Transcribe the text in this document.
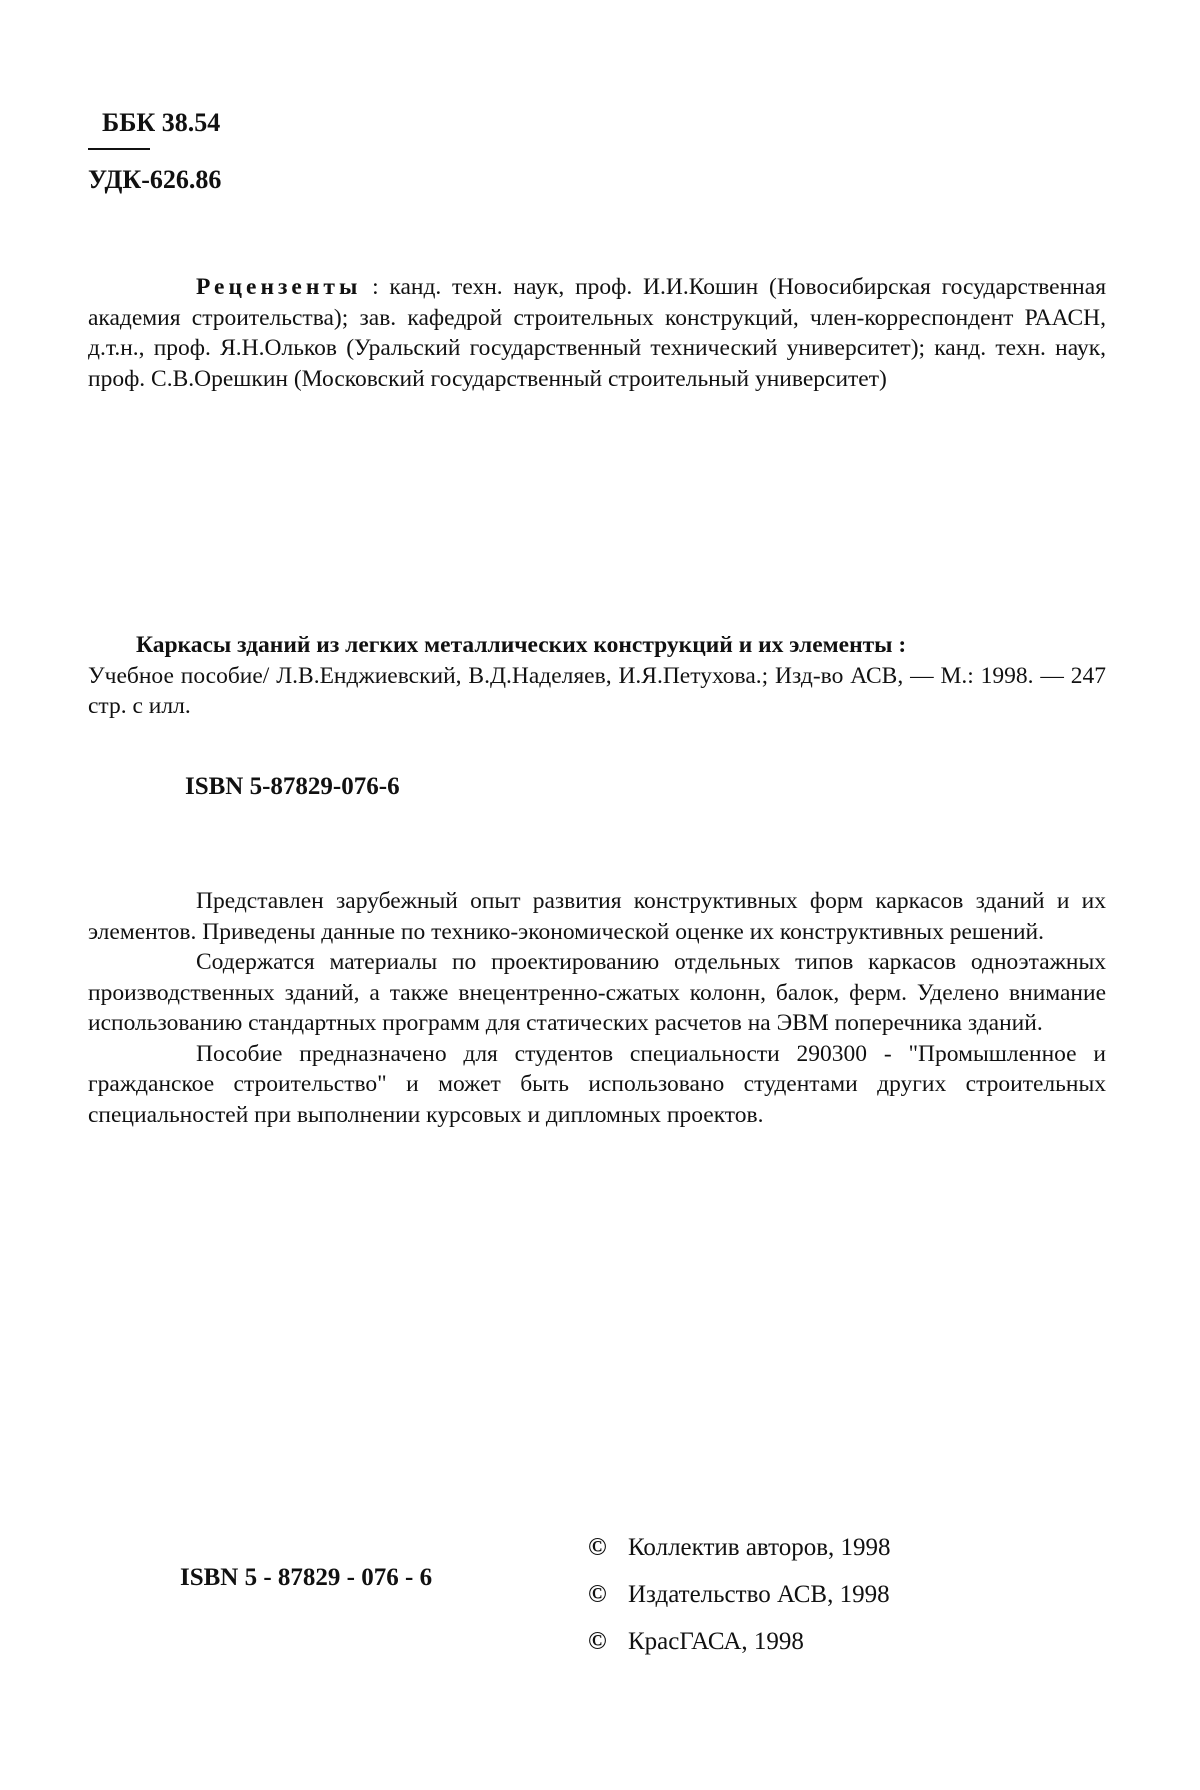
ББК 38.54
УДК-626.86
Рецензенты : канд. техн. наук, проф. И.И.Кошин (Новосибирская государственная академия строительства); зав. кафедрой строительных конструкций, член-корреспондент РААСН, д.т.н., проф. Я.Н.Ольков (Уральский государственный технический университет); канд. техн. наук, проф. С.В.Орешкин (Московский государственный строительный университет)
Каркасы зданий из легких металлических конструкций и их элементы :
Учебное пособие/ Л.В.Енджиевский, В.Д.Наделяев, И.Я.Петухова.; Изд-во АСВ, — М.: 1998. — 247 стр. с илл.
ISBN 5-87829-076-6

Представлен зарубежный опыт развития конструктивных форм каркасов зданий и их элементов. Приведены данные по технико-экономической оценке их конструктивных решений.

Содержатся материалы по проектированию отдельных типов каркасов одноэтажных производственных зданий, а также внецентренно-сжатых колонн, балок, ферм. Уделено внимание использованию стандартных программ для статических расчетов на ЭВМ поперечника зданий.

Пособие предназначено для студентов специальности 290300 - "Промышленное и гражданское строительство" и может быть использовано студентами других строительных специальностей при выполнении курсовых и дипломных проектов.

ISBN 5 - 87829 - 076 - 6
© Коллектив авторов, 1998
© Издательство АСВ, 1998
© КрасГАСА, 1998
